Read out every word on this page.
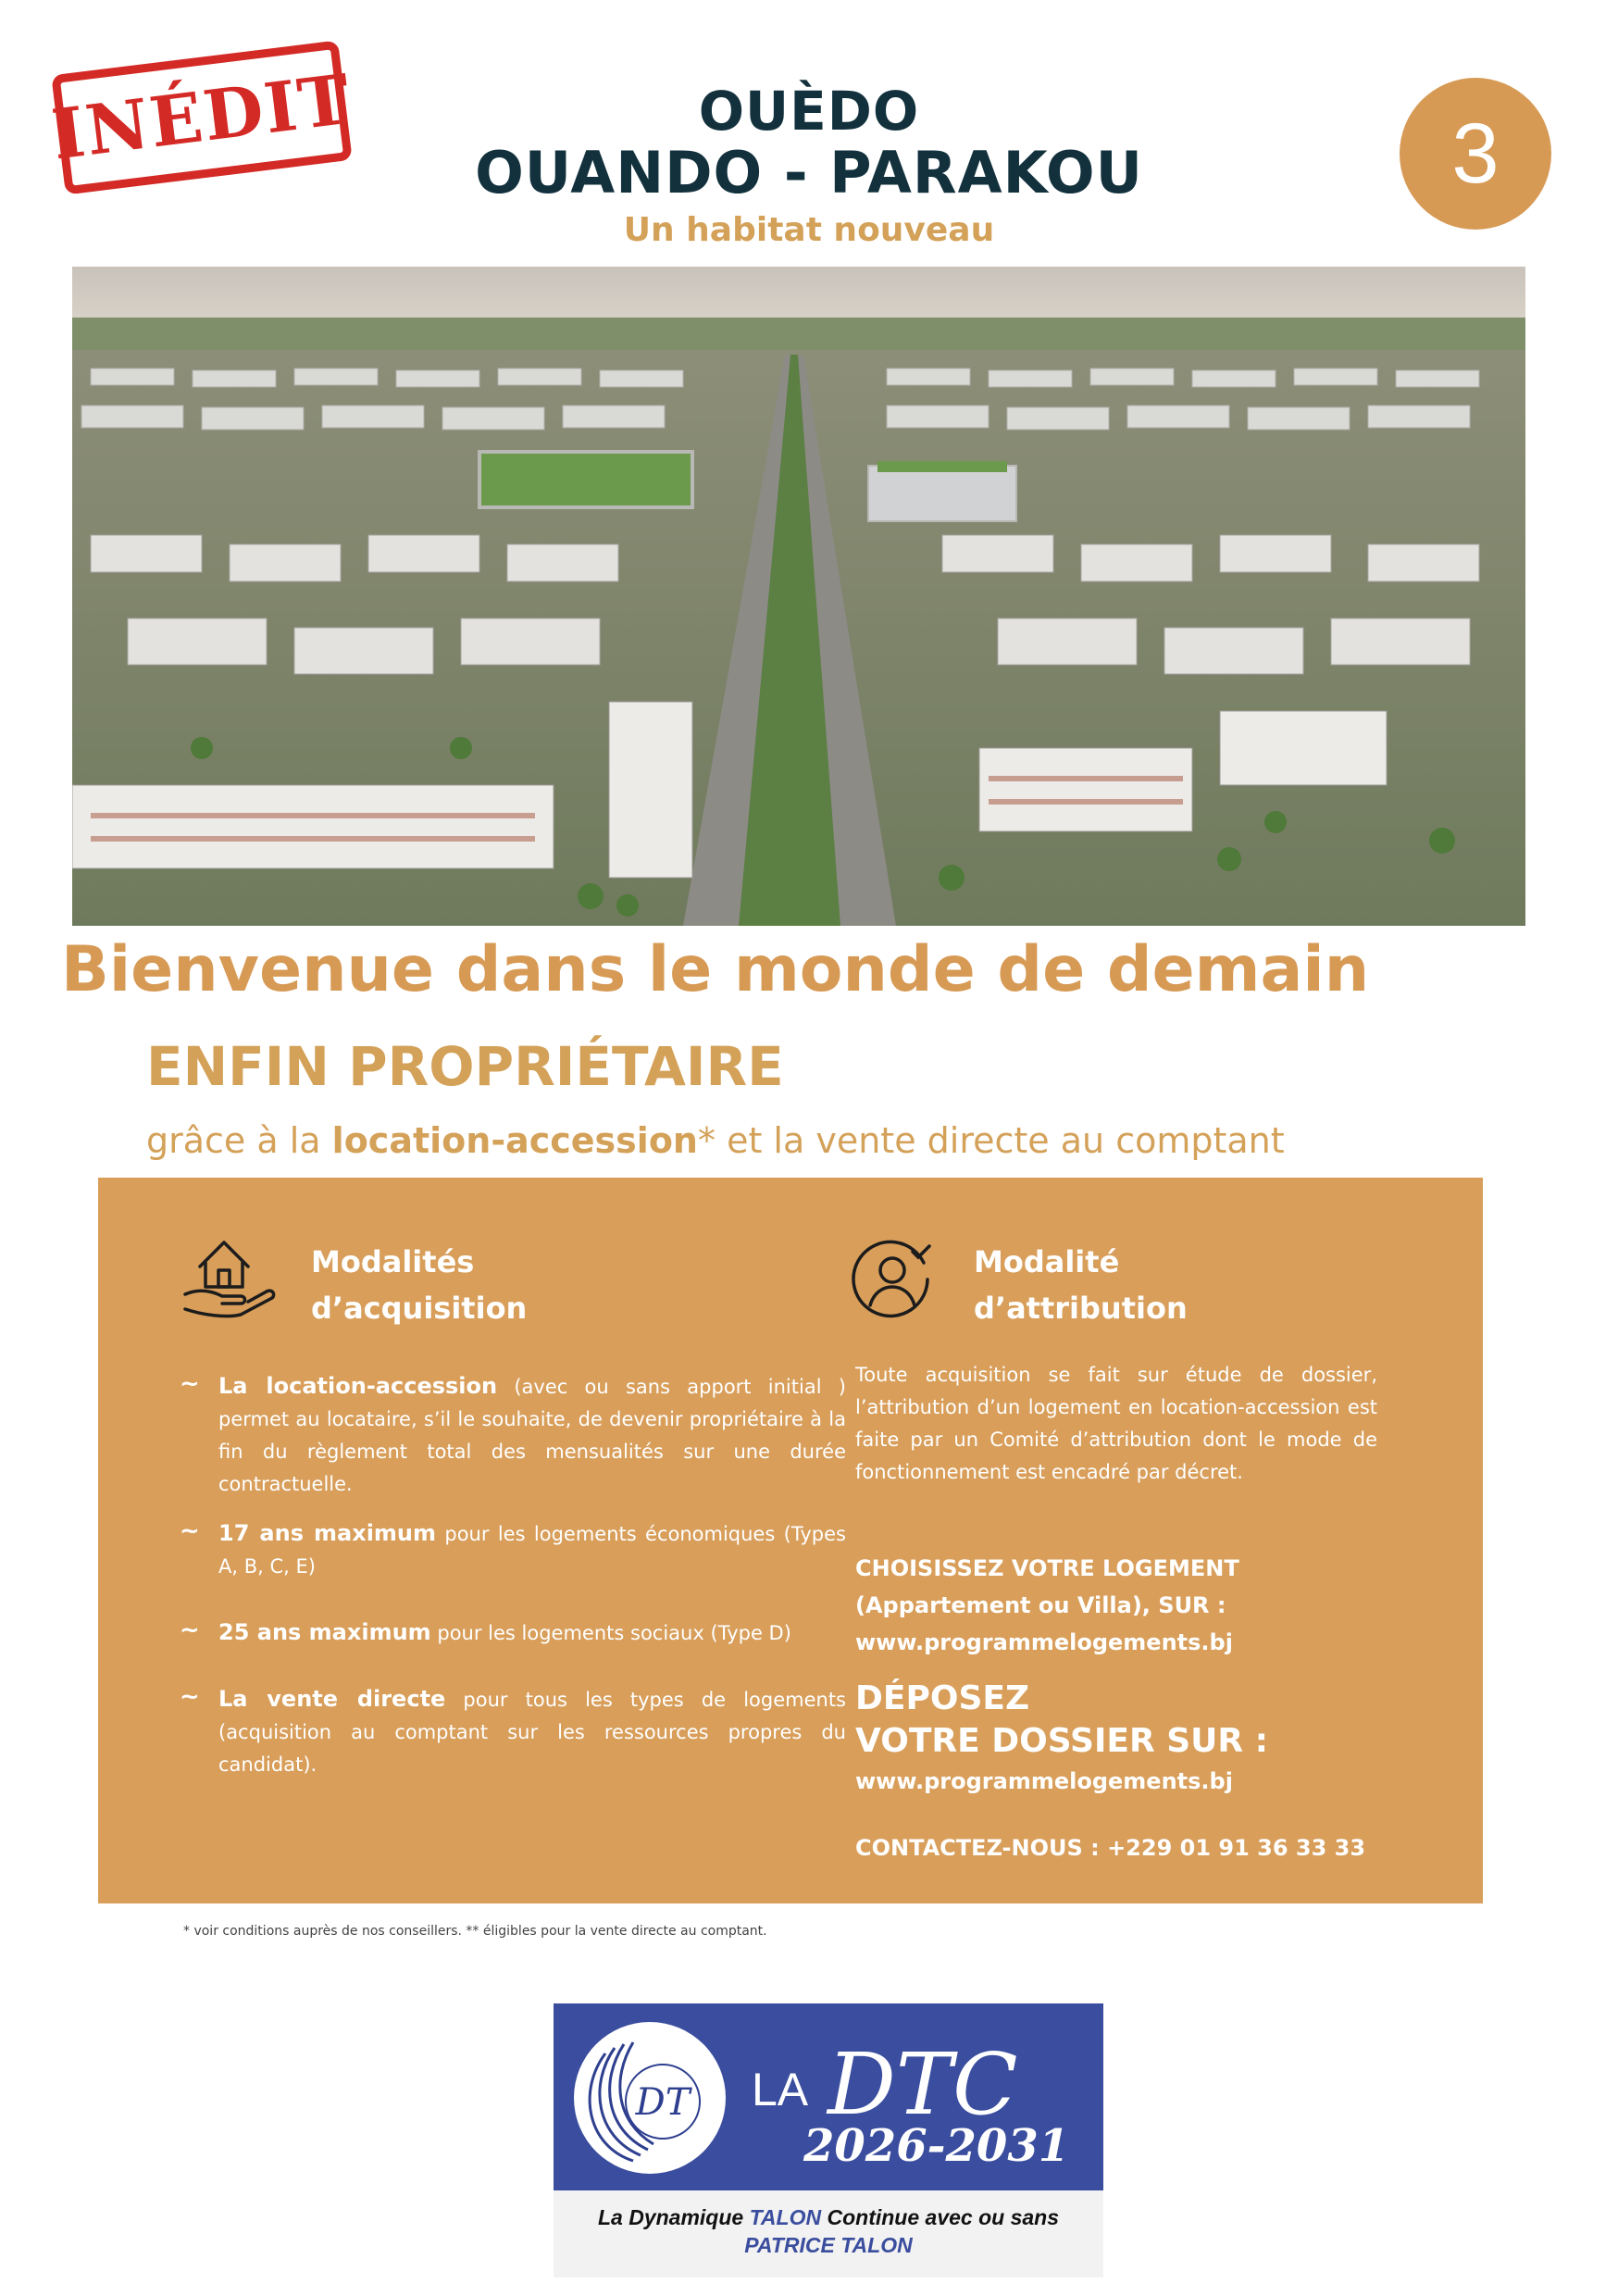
INÉDIT	OUÈDO
OUANDO - PARAKOU
Un habitat nouveau
3
Bienvenue dans le monde de demain
ENFIN PROPRIÉTAIRE
grâce à la location-accession* et la vente directe au comptant
Modalités
d’acquisition
~ La location-accession (avec ou sans apport initial ) permet au locataire, s’il le souhaite, de devenir propriétaire à la fin du règlement total des mensualités sur une durée contractuelle.
~ 17 ans maximum pour les logements économiques (Types A, B, C, E)
~ 25 ans maximum pour les logements sociaux (Type D)
~ La vente directe pour tous les types de logements (acquisition au comptant sur les ressources propres du candidat).
Modalité
d’attribution
Toute acquisition se fait sur étude de dossier, l’attribution d’un logement en location-accession est faite par un Comité d’attribution dont le mode de fonctionnement est encadré par décret.
CHOISISSEZ VOTRE LOGEMENT
(Appartement ou Villa), SUR :
www.programmelogements.bj
DÉPOSEZ
VOTRE DOSSIER SUR :
www.programmelogements.bj
CONTACTEZ-NOUS : +229 01 91 36 33 33
* voir conditions auprès de nos conseillers. ** éligibles pour la vente directe au comptant.
DT LA DTC
2026-2031
La Dynamique TALON Continue avec ou sans
PATRICE TALON
